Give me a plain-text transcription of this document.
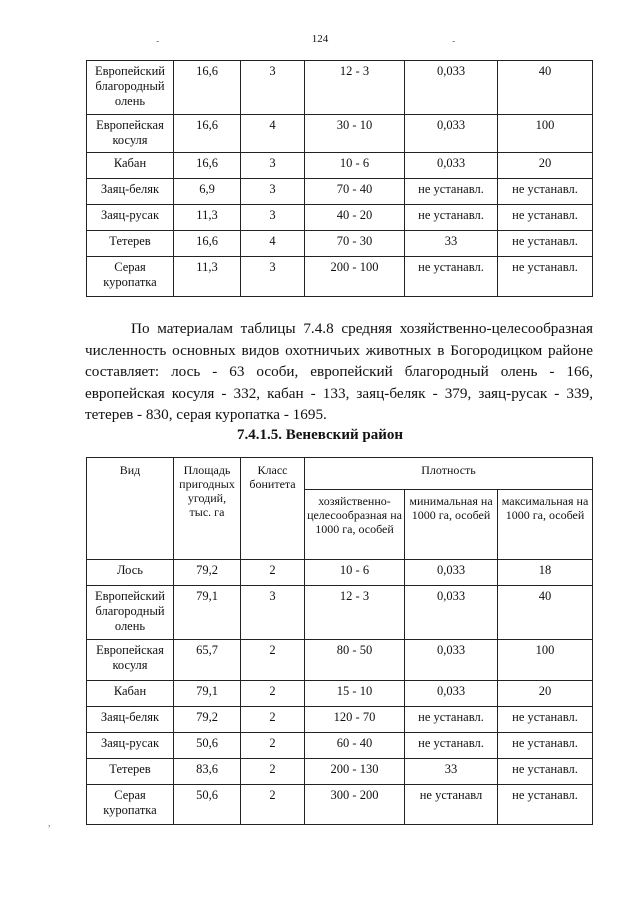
124
-	-
,
Европейский благородный олень	16,6	3	12 - 3	0,033	40
Европейская косуля	16,6	4	30 - 10	0,033	100
Кабан	16,6	3	10 - 6	0,033	20
Заяц-беляк	6,9	3	70 - 40	не устанавл.	не устанавл.
Заяц-русак	11,3	3	40 - 20	не устанавл.	не устанавл.
Тетерев	16,6	4	70 - 30	33	не устанавл.
Серая куропатка	11,3	3	200 - 100	не устанавл.	не устанавл.
По материалам таблицы 7.4.8 средняя хозяйственно-целесообразная численность основных видов охотничьих животных в Богородицком районе составляет: лось - 63 особи, европейский благородный олень - 166, европейская косуля - 332, кабан - 133, заяц-беляк - 379, заяц-русак - 339, тетерев - 830, серая куропатка - 1695.
7.4.1.5. Веневский район
Вид	Площадь пригодных угодий, тыс. га	Класс бонитета	Плотность		
			хозяйственно-целесообразная на 1000 га, особей	минимальная на 1000 га, особей	максимальная на 1000 га, особей
Лось	79,2	2	10 - 6	0,033	18
Европейский благородный олень	79,1	3	12 - 3	0,033	40
Европейская косуля	65,7	2	80 - 50	0,033	100
Кабан	79,1	2	15 - 10	0,033	20
Заяц-беляк	79,2	2	120 - 70	не устанавл.	не устанавл.
Заяц-русак	50,6	2	60 - 40	не устанавл.	не устанавл.
Тетерев	83,6	2	200 - 130	33	не устанавл.
Серая куропатка	50,6	2	300 - 200	не устанавл	не устанавл.
